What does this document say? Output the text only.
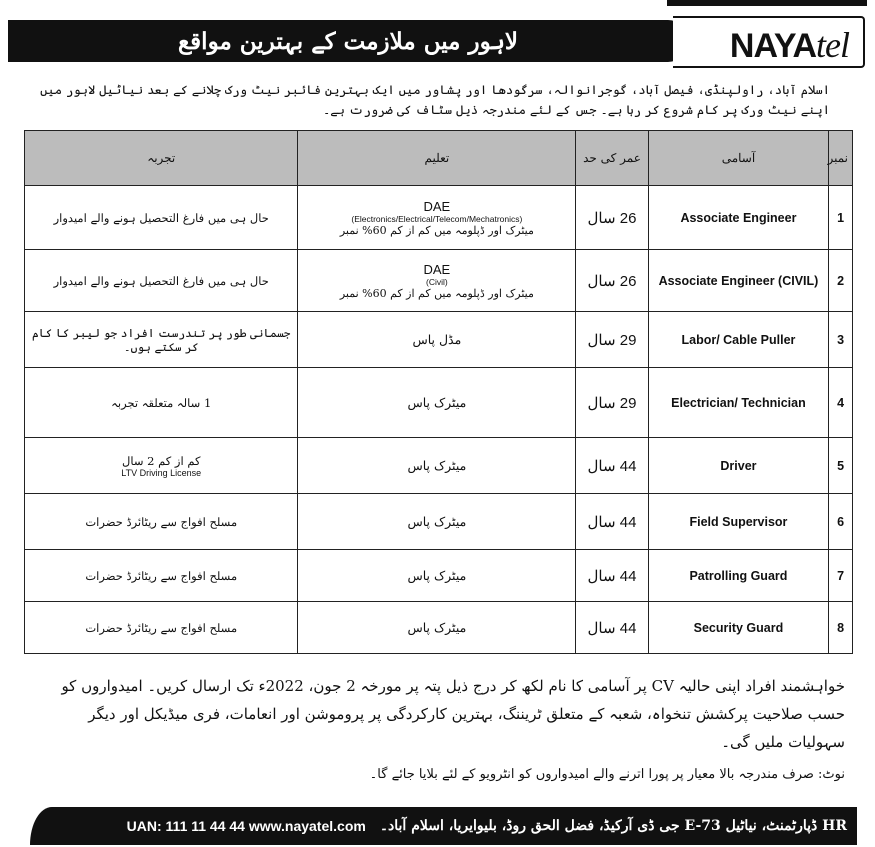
لاہور میں ملازمت کے بہترین مواقع	NAYAtel
اسلام آباد، راولپنڈی، فیصل آباد، گوجرانوالہ، سرگودھا اور پشاور میں ایک بہترین فائبر نیٹ ورک چلانے کے بعد نیاٹیل لاہور میں اپنے نیٹ ورک پر کام شروع کر رہا ہے۔ جس کے لئے مندرجہ ذیل سٹاف کی ضرورت ہے۔
تجربہ	تعلیم	عمر کی حد	آسامی	نمبر

حال ہی میں فارغ التحصیل ہونے والے امیدوار	DAE
(Electronics/Electrical/Telecom/Mechatronics)
میٹرک اور ڈپلومہ میں کم از کم 60% نمبر	26 سال	Associate Engineer	1

حال ہی میں فارغ التحصیل ہونے والے امیدوار	DAE
(Civil)
میٹرک اور ڈپلومہ میں کم از کم 60% نمبر	26 سال	Associate Engineer (CIVIL)	2

جسمانی طور پر تندرست افراد جو لیبر کا کام کر سکتے ہوں۔	مڈل پاس	29 سال	Labor/ Cable Puller	3

1 سالہ متعلقہ تجربہ	میٹرک پاس	29 سال	Electrician/ Technician	4

کم از کم 2 سال
LTV Driving License	میٹرک پاس	44 سال	Driver	5

مسلح افواج سے ریٹائرڈ حضرات	میٹرک پاس	44 سال	Field Supervisor	6

مسلح افواج سے ریٹائرڈ حضرات	میٹرک پاس	44 سال	Patrolling Guard	7

مسلح افواج سے ریٹائرڈ حضرات	میٹرک پاس	44 سال	Security Guard	8
خواہشمند افراد اپنی حالیہ CV پر آسامی کا نام لکھ کر درج ذیل پتہ پر مورخہ 2 جون، 2022ء تک ارسال کریں۔ امیدواروں کو حسب صلاحیت پرکشش تنخواہ، شعبہ کے متعلق ٹریننگ، بہترین کارکردگی پر پروموشن اور انعامات، فری میڈیکل اور دیگر سہولیات ملیں گی۔
نوٹ: صرف مندرجہ بالا معیار پر پورا اترنے والے امیدواروں کو انٹرویو کے لئے بلایا جائے گا۔
UAN: 111 11 44 44 www.nayatel.com HR ڈپارٹمنٹ، نیاٹیل E-73 جی ڈی آرکیڈ، فضل الحق روڈ، بلیوایریا، اسلام آباد۔
